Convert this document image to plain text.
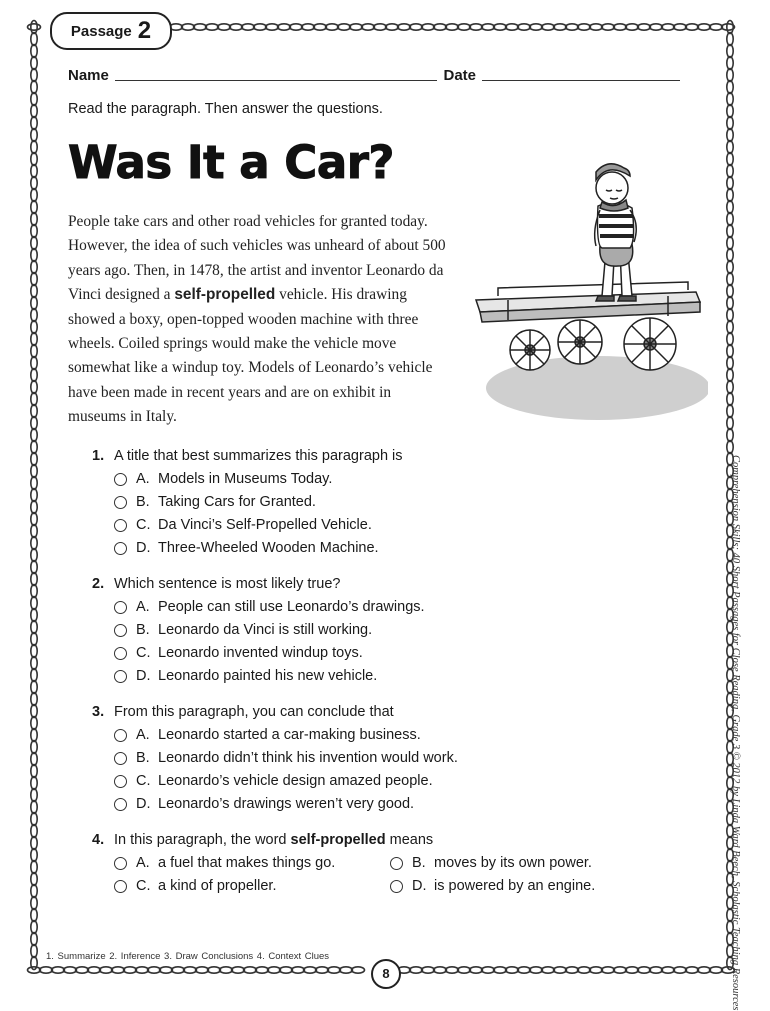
Passage 2
Name	Date
Read the paragraph. Then answer the questions.
Was It a Car?
People take cars and other road vehicles for granted today. However, the idea of such vehicles was unheard of about 500 years ago. Then, in 1478, the artist and inventor Leonardo da Vinci designed a self-propelled vehicle. His drawing showed a boxy, open-topped wooden machine with three wheels. Coiled springs would make the vehicle move somewhat like a windup toy. Models of Leonardo’s vehicle have been made in recent years and are on exhibit in museums in Italy.
1. A title that best summarizes this paragraph is
A. Models in Museums Today.
B. Taking Cars for Granted.
C. Da Vinci’s Self-Propelled Vehicle.
D. Three-Wheeled Wooden Machine.
2. Which sentence is most likely true?
A. People can still use Leonardo’s drawings.
B. Leonardo da Vinci is still working.
C. Leonardo invented windup toys.
D. Leonardo painted his new vehicle.
3. From this paragraph, you can conclude that
A. Leonardo started a car-making business.
B. Leonardo didn’t think his invention would work.
C. Leonardo’s vehicle design amazed people.
D. Leonardo’s drawings weren’t very good.
4. In this paragraph, the word self-propelled means
A. a fuel that makes things go.	B. moves by its own power.
C. a kind of propeller.	D. is powered by an engine.	Comprehension Skills: 40 Short Passages for Close Reading, Grade 3 © 2012 by Linda Ward Beech, Scholastic Teaching Resources
1. Summarize 2. Inference 3. Draw Conclusions 4. Context Clues
8
